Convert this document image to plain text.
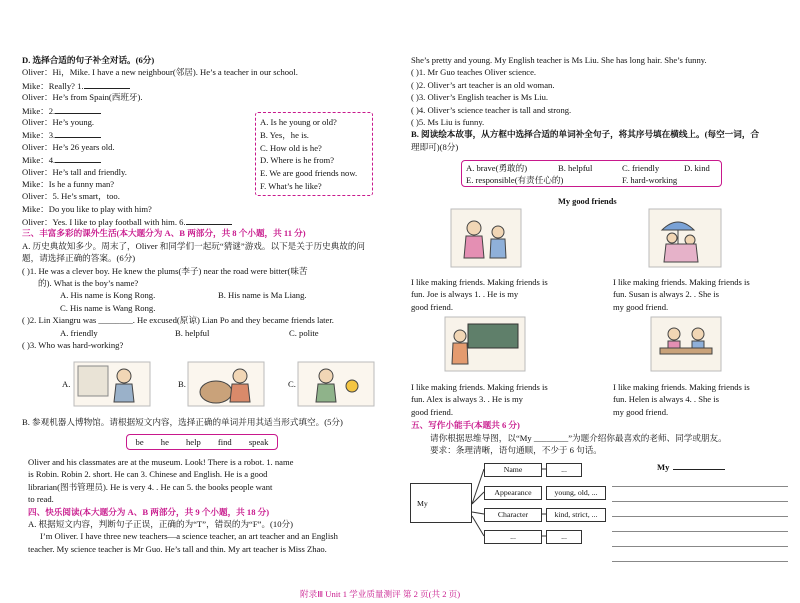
D. 选择合适的句子补全对话。(6分)
Oliver：Hi，Mike. I have a new neighbour(邻居). He’s a teacher in our school.
Mike：Really? 1.
Oliver：He’s from Spain(西班牙).
Mike：2.
Oliver：He’s young.
Mike：3.
Oliver：He’s 26 years old.
Mike：4.
Oliver：He’s tall and friendly.
Mike：Is he a funny man?
Oliver：5. He’s smart，too.
Mike：Do you like to play with him?
Oliver：Yes. I like to play football with him. 6.
三、丰富多彩的课外生活(本大题分为 A、B 两部分，共 8 个小题，共 11 分)
A. 历史典故知多少。周末了，Oliver 和同学们一起玩“猜谜”游戏。以下是关于历史典故的问
题，请选择正确的答案。(6分)
( )1. He was a clever boy. He knew the plums(李子) near the road were bitter(味苦
的). What is the boy’s name?
A. His name is Kong Rong.	B. His name is Ma Liang.
C. His name is Wang Rong.
( )2. Lin Xiangru was ________. He excused(原谅) Lian Po and they became friends later.
A. friendly	B. helpful	C. polite
( )3. Who was hard-working?
A. Is he young or old?
B. Yes，he is.
C. How old is he?
D. Where is he from?
E. We are good friends now.
F. What’s he like?
A.	B.	C.
B. 参观机器人博物馆。请根据短文内容，选择正确的单词并用其适当形式填空。(5分)
be he help find speak
Oliver and his classmates are at the museum. Look! There is a robot. 1. name
is Robin. Robin 2. short. He can 3. Chinese and English. He is a good
librarian(图书管理员). He is very 4. . He can 5. the books people want
to read.
四、快乐阅读(本大题分为 A、B 两部分，共 9 个小题，共 18 分)
A. 根据短文内容，判断句子正误，正确的为“T”，错误的为“F”。(10分)
I’m Oliver. I have three new teachers—a science teacher, an art teacher and an English
teacher. My science teacher is Mr Guo. He’s tall and thin. My art teacher is Miss Zhao.
She’s pretty and young. My English teacher is Ms Liu. She has long hair. She’s funny.
( )1. Mr Guo teaches Oliver science.
( )2. Oliver’s art teacher is an old woman.
( )3. Oliver’s English teacher is Ms Liu.
( )4. Oliver’s science teacher is tall and strong.
( )5. Ms Liu is funny.
B. 阅读绘本故事，从方框中选择合适的单词补全句子，将其序号填在横线上。(每空一词，合
理即可)(8分)
A. brave(勇敢的)	B. helpful	C. friendly	D. kind
E. responsible(有责任心的)	F. hard-working
My good friends
I like making friends. Making friends is
fun. Joe is always 1. . He is my
good friend.
I like making friends. Making friends is
fun. Susan is always 2. . She is
my good friend.
I like making friends. Making friends is
fun. Alex is always 3. . He is my
good friend.
I like making friends. Making friends is
fun. Helen is always 4. . She is
my good friend.
五、写作小能手(本题共 6 分)
请你根据思维导图，以“My ________”为题介绍你最喜欢的老师、同学或朋友。
要求：条理清晰，语句通顺，不少于 6 句话。
My
Name
Appearance
Character
...
...
young, old, ...
kind, strict, ...
...
My
附录Ⅲ Unit 1 学业质量测评 第 2 页(共 2 页)
